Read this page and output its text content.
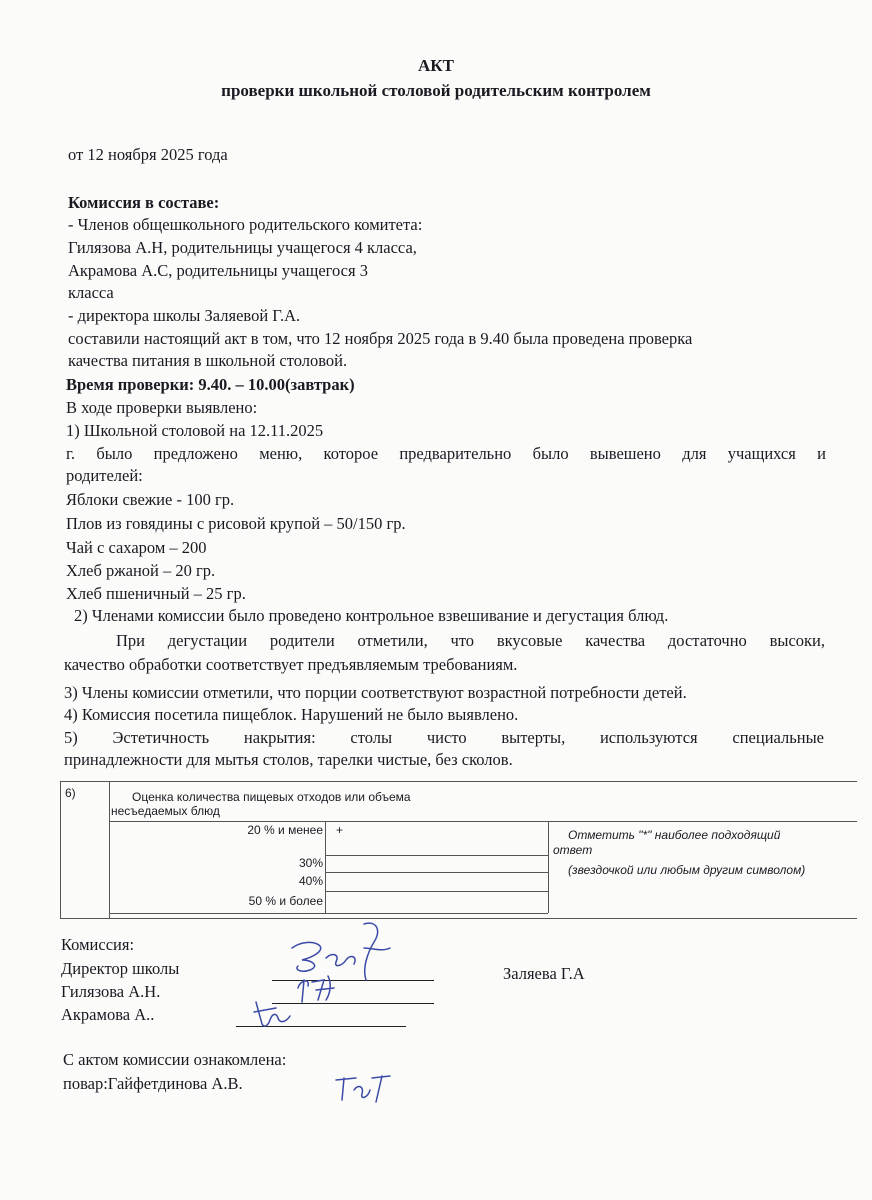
АКТ
проверки школьной столовой родительским контролем
от 12 ноября 2025 года
Комиссия в составе:
- Членов общешкольного родительского комитета:
Гилязова А.Н, родительницы учащегося 4 класса,
Акрамова А.С, родительницы учащегося 3
класса
- директора школы Заляевой Г.А.
составили настоящий акт в том, что 12 ноября 2025 года в 9.40 была проведена проверка
качества питания в школьной столовой.
Время проверки: 9.40. – 10.00(завтрак)
В ходе проверки выявлено:
1) Школьной столовой на 12.11.2025
г. было предложено меню, которое предварительно было вывешено для учащихся и
родителей:
Яблоки свежие - 100 гр.
Плов из говядины с рисовой крупой – 50/150 гр.
Чай с сахаром – 200
Хлеб ржаной – 20 гр.
Хлеб пшеничный – 25 гр.
2) Членами комиссии было проведено контрольное взвешивание и дегустация блюд.
При дегустации родители отметили, что вкусовые качества достаточно высоки,
качество обработки соответствует предъявляемым требованиям.
3) Члены комиссии отметили, что порции соответствуют возрастной потребности детей.
4) Комиссия посетила пищеблок. Нарушений не было выявлено.
5) Эстетичность накрытия: столы чисто вытерты, используются специальные
принадлежности для мытья столов, тарелки чистые, без сколов.
6)	Оценка количества пищевых отходов или объема
несъедаемых блюд
20 % и менее
30%
40%
50 % и более
+	Отметить "*" наиболее подходящий
ответ
(звездочкой или любым другим символом)
Комиссия:
Директор школы
Гилязова А.Н.
Акрамова А..
Заляева Г.А
С актом комиссии ознакомлена:
повар:Гайфетдинова А.В.
